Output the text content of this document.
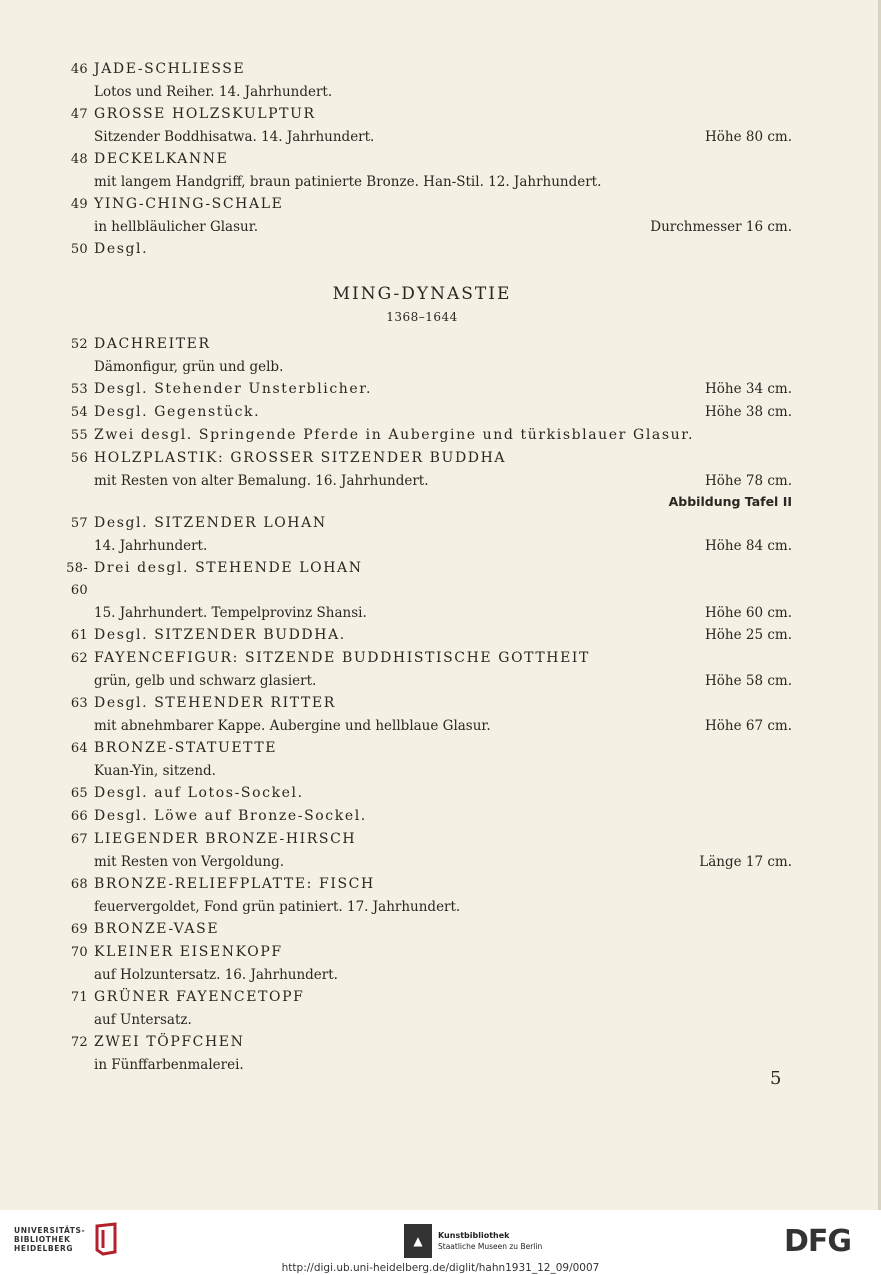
46 JADE-SCHLIESSE
Lotos und Reiher. 14. Jahrhundert.
47 GROSSE HOLZSKULPTUR
Sitzender Boddhisatwa. 14. Jahrhundert.	Höhe 80 cm.
48 DECKELKANNE
mit langem Handgriff, braun patinierte Bronze. Han-Stil. 12. Jahrhundert.
49 YING-CHING-SCHALE
in hellbläulicher Glasur.	Durchmesser 16 cm.
50 Desgl.
MING-DYNASTIE
1368–1644
52 DACHREITER
Dämonfigur, grün und gelb.
53 Desgl. Stehender Unsterblicher.	Höhe 34 cm.
54 Desgl. Gegenstück.	Höhe 38 cm.
55 Zwei desgl. Springende Pferde in Aubergine und türkisblauer Glasur.
56 HOLZPLASTIK: GROSSER SITZENDER BUDDHA
mit Resten von alter Bemalung. 16. Jahrhundert.	Höhe 78 cm.
Abbildung Tafel II
57 Desgl. SITZENDER LOHAN
14. Jahrhundert.	Höhe 84 cm.
58-60
Drei desgl. STEHENDE LOHAN
15. Jahrhundert. Tempelprovinz Shansi.	Höhe 60 cm.
61 Desgl. SITZENDER BUDDHA.	Höhe 25 cm.
62 FAYENCEFIGUR: SITZENDE BUDDHISTISCHE GOTTHEIT
grün, gelb und schwarz glasiert.	Höhe 58 cm.
63 Desgl. STEHENDER RITTER
mit abnehmbarer Kappe. Aubergine und hellblaue Glasur.	Höhe 67 cm.
64 BRONZE-STATUETTE
Kuan-Yin, sitzend.
65 Desgl. auf Lotos-Sockel.
66 Desgl. Löwe auf Bronze-Sockel.
67 LIEGENDER BRONZE-HIRSCH
mit Resten von Vergoldung.	Länge 17 cm.
68 BRONZE-RELIEFPLATTE: FISCH
feuervergoldet, Fond grün patiniert. 17. Jahrhundert.
69 BRONZE-VASE
70 KLEINER EISENKOPF
auf Holzuntersatz. 16. Jahrhundert.
71 GRÜNER FAYENCETOPF
auf Untersatz.
72 ZWEI TÖPFCHEN
in Fünffarbenmalerei.
5
UNIVERSITÄTS-
BIBLIOTHEK
HEIDELBERG	▲	Kunstbibliothek
Staatliche Museen zu Berlin	DFG
http://digi.ub.uni-heidelberg.de/diglit/hahn1931_12_09/0007
